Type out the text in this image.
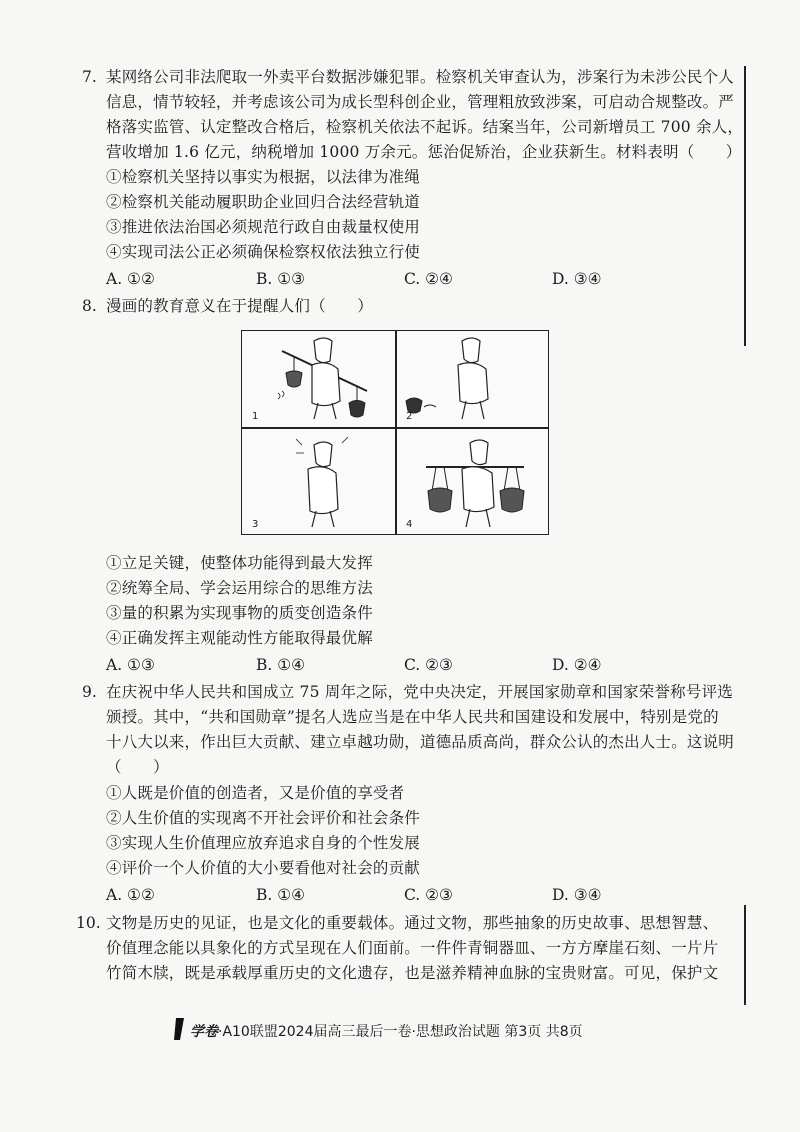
7. 某网络公司非法爬取一外卖平台数据涉嫌犯罪。检察机关审查认为，涉案行为未涉公民个人
信息，情节较轻，并考虑该公司为成长型科创企业，管理粗放致涉案，可启动合规整改。严
格落实监管、认定整改合格后，检察机关依法不起诉。结案当年，公司新增员工 700 余人，
营收增加 1.6 亿元，纳税增加 1000 万余元。惩治促矫治，企业获新生。材料表明（　　）
①检察机关坚持以事实为根据，以法律为准绳
②检察机关能动履职助企业回归合法经营轨道
③推进依法治国必须规范行政自由裁量权使用
④实现司法公正必须确保检察权依法独立行使
A. ①②	B. ①③	C. ②④	D. ③④
8. 漫画的教育意义在于提醒人们（　　）
1	2
3	4
①立足关键，使整体功能得到最大发挥
②统筹全局、学会运用综合的思维方法
③量的积累为实现事物的质变创造条件
④正确发挥主观能动性方能取得最优解
A. ①③	B. ①④	C. ②③	D. ②④
9. 在庆祝中华人民共和国成立 75 周年之际，党中央决定，开展国家勋章和国家荣誉称号评选
颁授。其中，“共和国勋章”提名人选应当是在中华人民共和国建设和发展中，特别是党的
十八大以来，作出巨大贡献、建立卓越功勋，道德品质高尚，群众公认的杰出人士。这说明
（　　）
①人既是价值的创造者，又是价值的享受者
②人生价值的实现离不开社会评价和社会条件
③实现人生价值理应放弃追求自身的个性发展
④评价一个人价值的大小要看他对社会的贡献
A. ①②	B. ①④	C. ②③	D. ③④
10. 文物是历史的见证，也是文化的重要载体。通过文物，那些抽象的历史故事、思想智慧、
价值理念能以具象化的方式呈现在人们面前。一件件青铜器皿、一方方摩崖石刻、一片片
竹简木牍，既是承载厚重历史的文化遗存，也是滋养精神血脉的宝贵财富。可见，保护文
学卷·A10联盟2024届高三最后一卷·思想政治试题 第3页 共8页
